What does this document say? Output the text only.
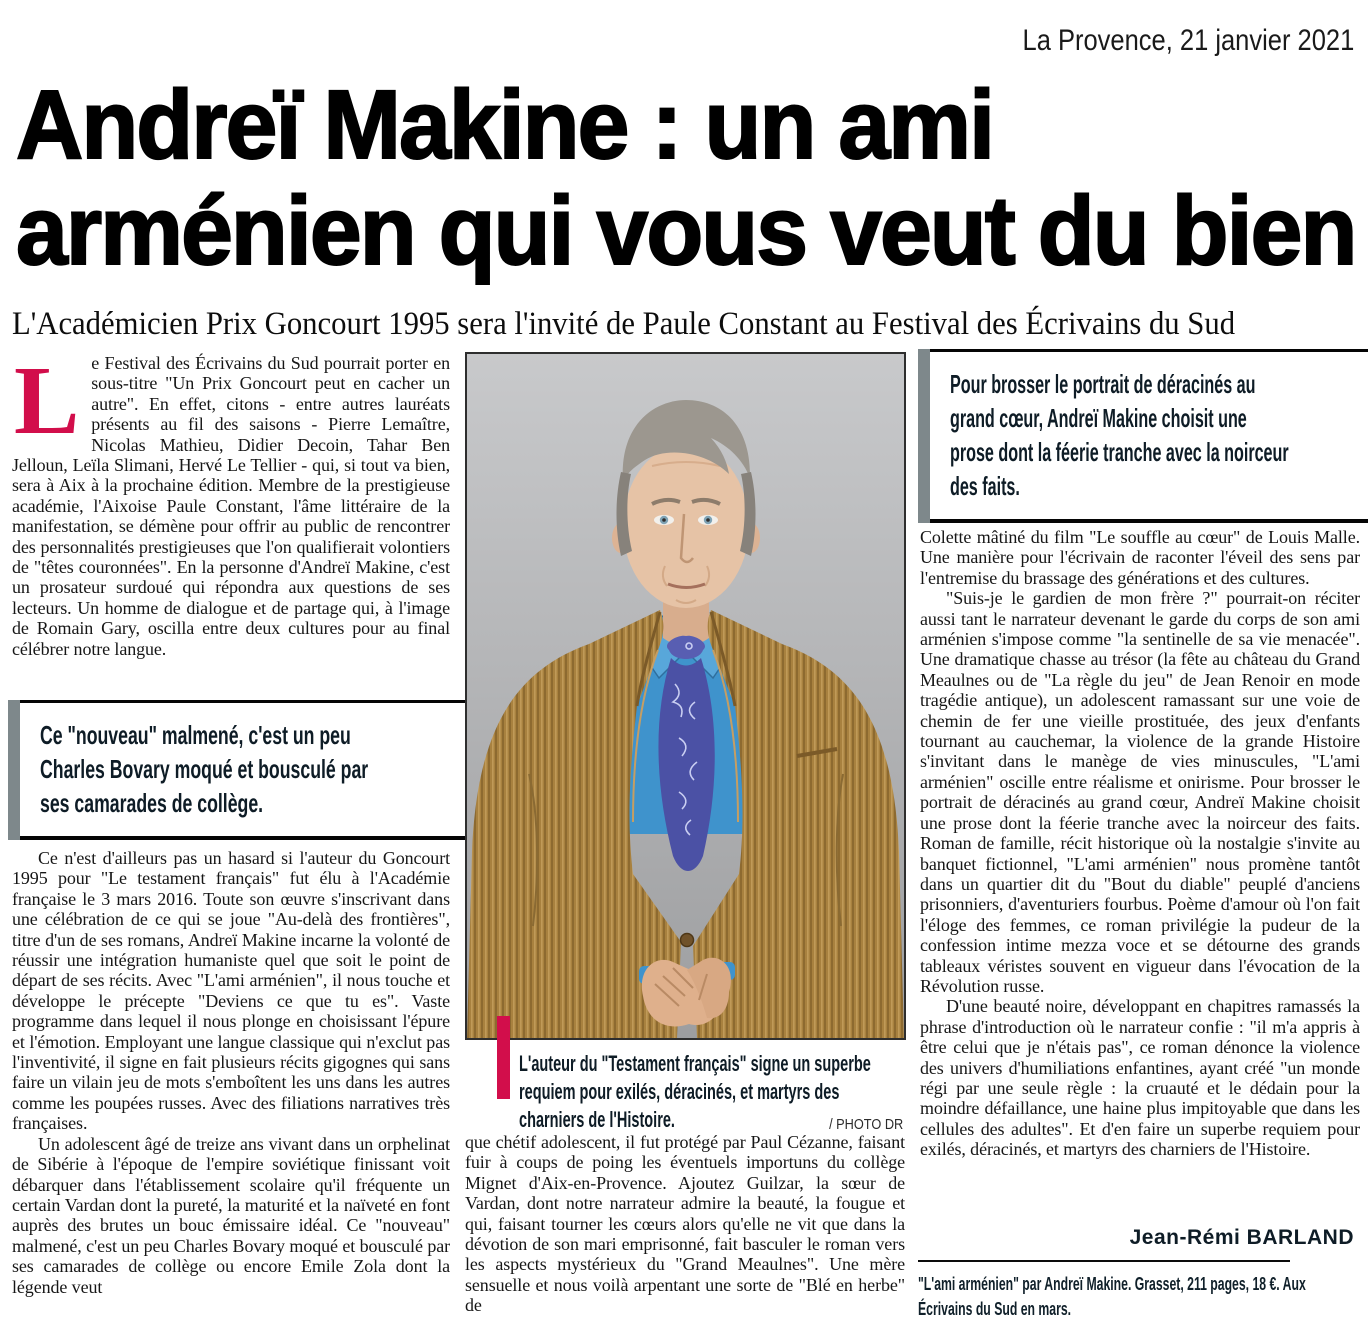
La Provence, 21 janvier 2021
Andreï Makine : un ami
arménien qui vous veut du bien
L'Académicien Prix Goncourt 1995 sera l'invité de Paule Constant au Festival des Écrivains du Sud

Le Festival des Écrivains du Sud pourrait porter en sous-titre "Un Prix Goncourt peut en cacher un autre". En effet, citons - entre autres lauréats présents au fil des saisons - Pierre Lemaître, Nicolas Mathieu, Didier Decoin, Tahar Ben Jelloun, Leïla Slimani, Hervé Le Tellier - qui, si tout va bien, sera à Aix à la prochaine édition. Membre de la prestigieuse académie, l'Aixoise Paule Constant, l'âme littéraire de la manifestation, se démène pour offrir au public de rencontrer des personnalités prestigieuses que l'on qualifierait volontiers de "têtes couronnées". En la personne d'Andreï Makine, c'est un prosateur surdoué qui répondra aux questions de ses lecteurs. Un homme de dialogue et de partage qui, à l'image de Romain Gary, oscilla entre deux cultures pour au final célébrer notre langue.

Ce "nouveau" malmené, c'est un peu Charles Bovary moqué et bousculé par ses camarades de collège.

Ce n'est d'ailleurs pas un hasard si l'auteur du Goncourt 1995 pour "Le testament français" fut élu à l'Académie française le 3 mars 2016. Toute son œuvre s'inscrivant dans une célébration de ce qui se joue "Au-delà des frontières", titre d'un de ses romans, Andreï Makine incarne la volonté de réussir une intégration humaniste quel que soit le point de départ de ses récits. Avec "L'ami arménien", il nous touche et développe le précepte "Deviens ce que tu es". Vaste programme dans lequel il nous plonge en choisissant l'épure et l'émotion. Employant une langue classique qui n'exclut pas l'inventivité, il signe en fait plusieurs récits gigognes qui sans faire un vilain jeu de mots s'emboîtent les uns dans les autres comme les poupées russes. Avec des filiations narratives très françaises.

Un adolescent âgé de treize ans vivant dans un orphelinat de Sibérie à l'époque de l'empire soviétique finissant voit débarquer dans l'établissement scolaire qu'il fréquente un certain Vardan dont la pureté, la maturité et la naïveté en font auprès des brutes un bouc émissaire idéal. Ce "nouveau" malmené, c'est un peu Charles Bovary moqué et bousculé par ses camarades de collège ou encore Emile Zola dont la légende veut

L'auteur du "Testament français" signe un superbe requiem pour exilés, déracinés, et martyrs des charniers de l'Histoire.	/ PHOTO DR

que chétif adolescent, il fut protégé par Paul Cézanne, faisant fuir à coups de poing les éventuels importuns du collège Mignet d'Aix-en-Provence. Ajoutez Guilzar, la sœur de Vardan, dont notre narrateur admire la beauté, la fougue et qui, faisant tourner les cœurs alors qu'elle ne vit que dans la dévotion de son mari emprisonné, fait basculer le roman vers les aspects mystérieux du "Grand Meaulnes". Une mère sensuelle et nous voilà arpentant une sorte de "Blé en herbe" de

Pour brosser le portrait de déracinés au grand cœur, Andreï Makine choisit une prose dont la féerie tranche avec la noirceur des faits.

Colette mâtiné du film "Le souffle au cœur" de Louis Malle. Une manière pour l'écrivain de raconter l'éveil des sens par l'entremise du brassage des générations et des cultures.

"Suis-je le gardien de mon frère ?" pourrait-on réciter aussi tant le narrateur devenant le garde du corps de son ami arménien s'impose comme "la sentinelle de sa vie menacée". Une dramatique chasse au trésor (la fête au château du Grand Meaulnes ou de "La règle du jeu" de Jean Renoir en mode tragédie antique), un adolescent ramassant sur une voie de chemin de fer une vieille prostituée, des jeux d'enfants tournant au cauchemar, la violence de la grande Histoire s'invitant dans le manège de vies minuscules, "L'ami arménien" oscille entre réalisme et onirisme. Pour brosser le portrait de déracinés au grand cœur, Andreï Makine choisit une prose dont la féerie tranche avec la noirceur des faits. Roman de famille, récit historique où la nostalgie s'invite au banquet fictionnel, "L'ami arménien" nous promène tantôt dans un quartier dit du "Bout du diable" peuplé d'anciens prisonniers, d'aventuriers fourbus. Poème d'amour où l'on fait l'éloge des femmes, ce roman privilégie la pudeur de la confession intime mezza voce et se détourne des grands tableaux véristes souvent en vigueur dans l'évocation de la Révolution russe.

D'une beauté noire, développant en chapitres ramassés la phrase d'introduction où le narrateur confie : "il m'a appris à être celui que je n'étais pas", ce roman dénonce la violence des univers d'humiliations enfantines, ayant créé "un monde régi par une seule règle : la cruauté et le dédain pour la moindre défaillance, une haine plus impitoyable que dans les cellules des adultes". Et d'en faire un superbe requiem pour exilés, déracinés, et martyrs des charniers de l'Histoire.

Jean-Rémi BARLAND

"L'ami arménien" par Andreï Makine. Grasset, 211 pages, 18 €. Aux Écrivains du Sud en mars.
